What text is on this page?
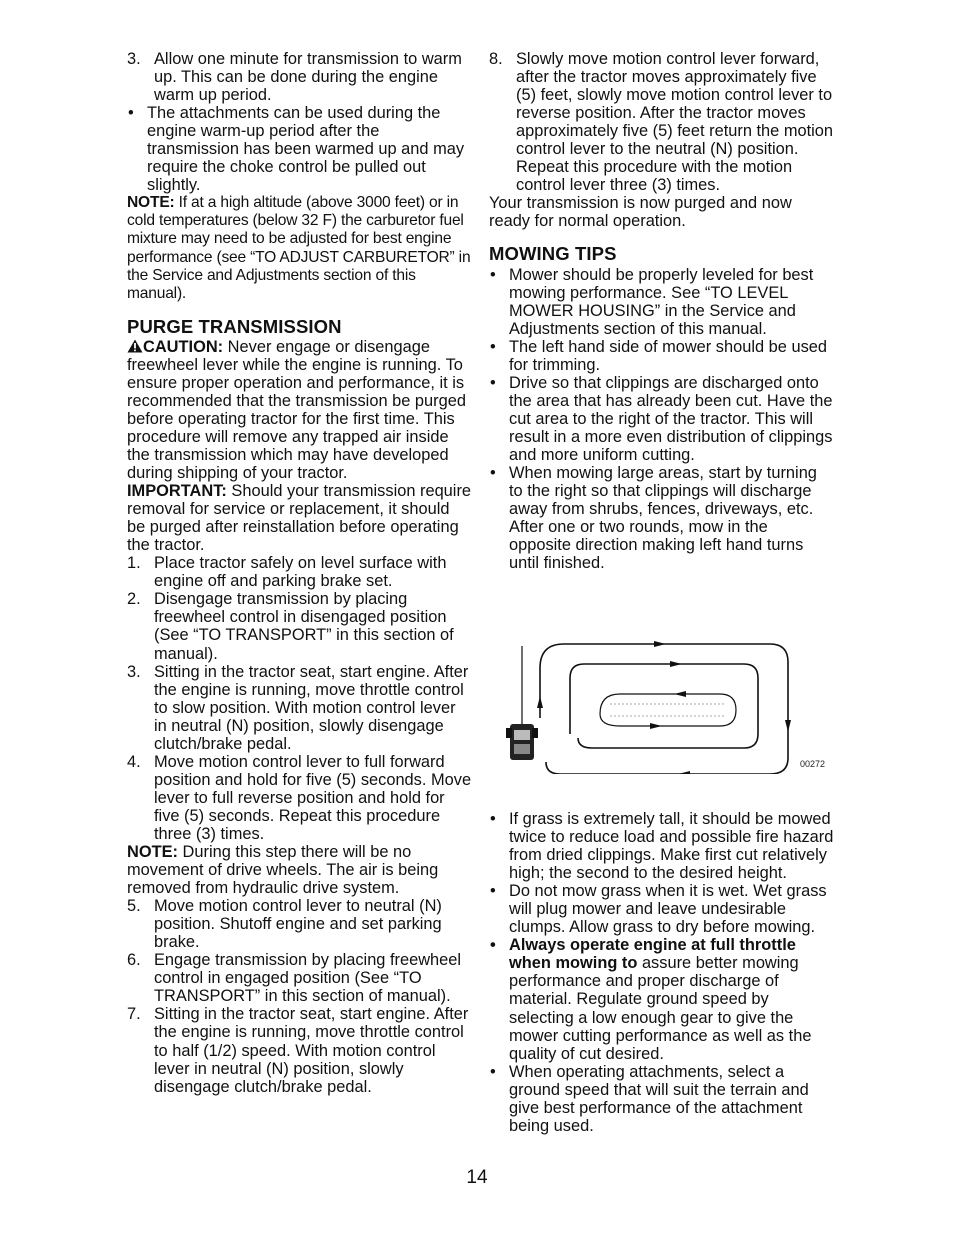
3. Allow one minute for transmission to warm up. This can be done during the engine warm up period.
• The attachments can be used during the engine warm-up period after the transmission has been warmed up and may require the choke control be pulled out slightly.

NOTE: If at a high altitude (above 3000 feet) or in cold temperatures (below 32 F) the carburetor fuel mixture may need to be adjusted for best engine performance (see “TO ADJUST CARBURETOR” in the Service and Adjustments section of this manual).

PURGE TRANSMISSION

CAUTION: Never engage or disengage freewheel lever while the engine is running. To ensure proper operation and performance, it is recommended that the transmission be purged before operating tractor for the first time. This procedure will remove any trapped air inside the transmission which may have developed during shipping of your tractor.

IMPORTANT: Should your transmission require removal for service or replacement, it should be purged after reinstallation before operating the tractor.

1. Place tractor safely on level surface with engine off and parking brake set.
2. Disengage transmission by placing freewheel control in disengaged position (See “TO TRANSPORT” in this section of manual).
3. Sitting in the tractor seat, start engine. After the engine is running, move throttle control to slow position. With motion control lever in neutral (N) position, slowly disengage clutch/brake pedal.
4. Move motion control lever to full forward position and hold for five (5) seconds. Move lever to full reverse position and hold for five (5) seconds. Repeat this procedure three (3) times.

NOTE: During this step there will be no movement of drive wheels. The air is being removed from hydraulic drive system.

5. Move motion control lever to neutral (N) position. Shutoff engine and set parking brake.
6. Engage transmission by placing freewheel control in engaged position (See “TO TRANSPORT” in this section of manual).
7. Sitting in the tractor seat, start engine. After the engine is running, move throttle control to half (1/2) speed. With motion control lever in neutral (N) position, slowly disengage clutch/brake pedal.
8. Slowly move motion control lever forward, after the tractor moves approximately five (5) feet, slowly move motion control lever to reverse position. After the tractor moves approximately five (5) feet return the motion control lever to the neutral (N) position. Repeat this procedure with the motion control lever three (3) times.

Your transmission is now purged and now ready for normal operation.

MOWING TIPS
• Mower should be properly leveled for best mowing performance. See “TO LEVEL MOWER HOUSING” in the Service and Adjustments section of this manual.
• The left hand side of mower should be used for trimming.
• Drive so that clippings are discharged onto the area that has already been cut. Have the cut area to the right of the tractor. This will result in a more even distribution of clippings and more uniform cutting.
• When mowing large areas, start by turning to the right so that clippings will discharge away from shrubs, fences, driveways, etc. After one or two rounds, mow in the opposite direction making left hand turns until finished.
00272
• If grass is extremely tall, it should be mowed twice to reduce load and possible fire hazard from dried clippings. Make first cut relatively high; the second to the desired height.
• Do not mow grass when it is wet. Wet grass will plug mower and leave undesirable clumps. Allow grass to dry before mowing.
• Always operate engine at full throttle when mowing to assure better mowing performance and proper discharge of material. Regulate ground speed by selecting a low enough gear to give the mower cutting performance as well as the quality of cut desired.
• When operating attachments, select a ground speed that will suit the terrain and give best performance of the attachment being used.
14
